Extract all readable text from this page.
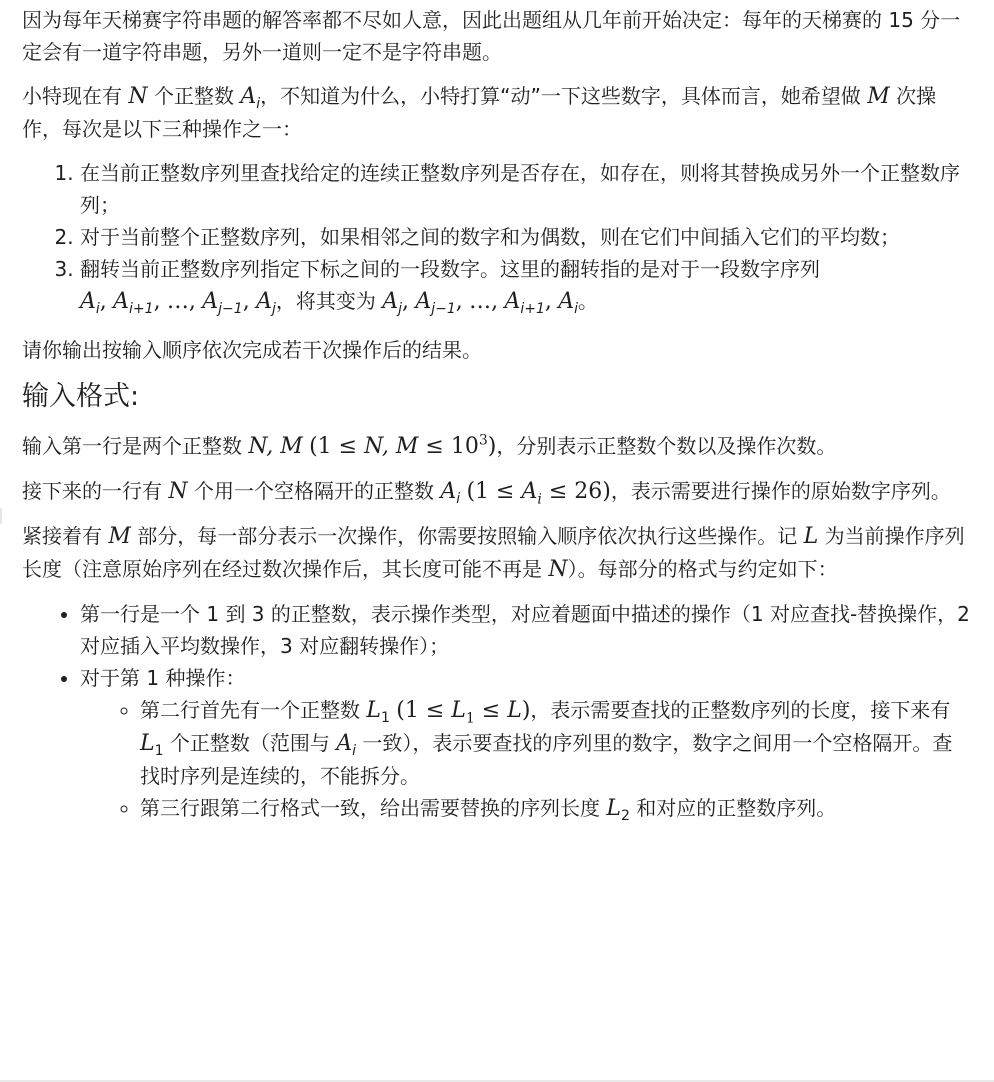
因为每年天梯赛字符串题的解答率都不尽如人意，因此出题组从几年前开始决定：每年的天梯赛的 15 分一定会有一道字符串题，另外一道则一定不是字符串题。

小特现在有 N 个正整数 $A_i$，不知道为什么，小特打算“动”一下这些数字，具体而言，她希望做 M 次操作，每次是以下三种操作之一：

1. 在当前正整数序列里查找给定的连续正整数序列是否存在，如存在，则将其替换成另外一个正整数序列；
2. 对于当前整个正整数序列，如果相邻之间的数字和为偶数，则在它们中间插入它们的平均数；
3. 翻转当前正整数序列指定下标之间的一段数字。这里的翻转指的是对于一段数字序列
$A_i$, $A_{i+1}$, …, $A_{j-1}$, $A_j$，将其变为 $A_j$, $A_{j-1}$, …, $A_{i+1}$, $A_i$。

请你输出按输入顺序依次完成若干次操作后的结果。

输入格式:

输入第一行是两个正整数 N, M (1 ≤ N, $M \le 10^3$)，分别表示正整数个数以及操作次数。

接下来的一行有 N 个用一个空格隔开的正整数 $A_i$ $(1 \le A_i \le 26)$，表示需要进行操作的原始数字序列。

紧接着有 M 部分，每一部分表示一次操作，你需要按照输入顺序依次执行这些操作。记 L 为当前操作序列长度（注意原始序列在经过数次操作后，其长度可能不再是 N）。每部分的格式与约定如下：

• 第一行是一个 1 到 3 的正整数，表示操作类型，对应着题面中描述的操作（1 对应查找-替换操作，2 对应插入平均数操作，3 对应翻转操作）；
• 对于第 1 种操作：
◦ 第二行首先有一个正整数 $L_1$ $(1 \le L_1 \le L)$，表示需要查找的正整数序列的长度，接下来有 $L_1$ 个正整数（范围与 $A_i$ 一致），表示要查找的序列里的数字，数字之间用一个空格隔开。查找时序列是连续的，不能拆分。
◦ 第三行跟第二行格式一致，给出需要替换的序列长度 $L_2$ 和对应的正整数序列。
